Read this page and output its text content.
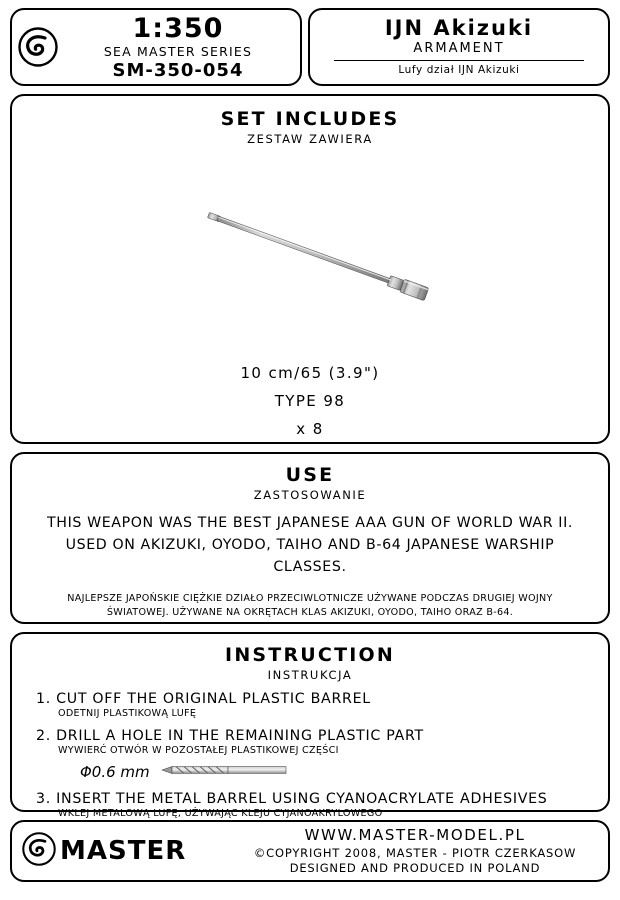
1:350
SEA MASTER SERIES
SM-350-054
IJN Akizuki
ARMAMENT
Lufy dział IJN Akizuki
SET INCLUDES
ZESTAW ZAWIERA
10 cm/65 (3.9")
TYPE 98
x 8
USE
ZASTOSOWANIE
THIS WEAPON WAS THE BEST JAPANESE AAA GUN OF WORLD WAR II. USED ON AKIZUKI, OYODO, TAIHO AND B-64 JAPANESE WARSHIP CLASSES.
NAJLEPSZE JAPOŃSKIE CIĘŻKIE DZIAŁO PRZECIWLOTNICZE UŻYWANE PODCZAS DRUGIEJ WOJNY ŚWIATOWEJ. UŻYWANE NA OKRĘTACH KLAS AKIZUKI, OYODO, TAIHO ORAZ B-64.
INSTRUCTION
INSTRUKCJA
1. CUT OFF THE ORIGINAL PLASTIC BARREL
ODETNIJ PLASTIKOWĄ LUFĘ
2. DRILL A HOLE IN THE REMAINING PLASTIC PART
WYWIERĆ OTWÓR W POZOSTAŁEJ PLASTIKOWEJ CZĘŚCI
Φ0.6 mm
3. INSERT THE METAL BARREL USING CYANOACRYLATE ADHESIVES
WKLEJ METALOWĄ LUFĘ, UŻYWAJĄC KLEJU CYJANOAKRYLOWEGO
MASTER
WWW.MASTER-MODEL.PL
©COPYRIGHT 2008, MASTER - PIOTR CZERKASOW
DESIGNED AND PRODUCED IN POLAND
